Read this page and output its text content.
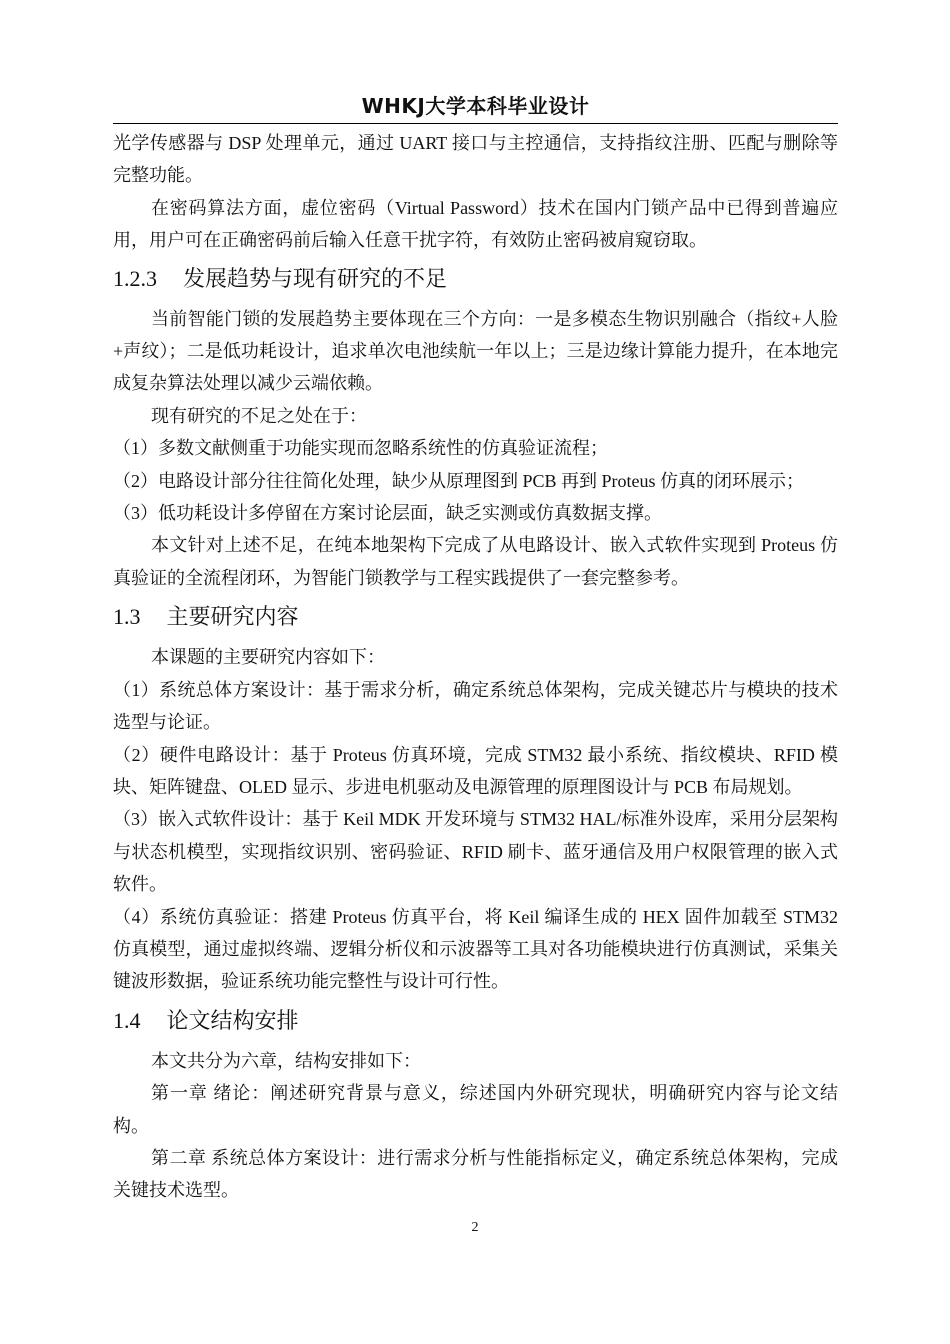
WHKJ大学本科毕业设计

光学传感器与 DSP 处理单元，通过 UART 接口与主控通信，支持指纹注册、匹配与删除等完整功能。

在密码算法方面，虚位密码（Virtual Password）技术在国内门锁产品中已得到普遍应用，用户可在正确密码前后输入任意干扰字符，有效防止密码被肩窥窃取。

1.2.3 发展趋势与现有研究的不足

当前智能门锁的发展趋势主要体现在三个方向：一是多模态生物识别融合（指纹+人脸+声纹）；二是低功耗设计，追求单次电池续航一年以上；三是边缘计算能力提升，在本地完成复杂算法处理以减少云端依赖。

现有研究的不足之处在于：

（1）多数文献侧重于功能实现而忽略系统性的仿真验证流程；

（2）电路设计部分往往简化处理，缺少从原理图到 PCB 再到 Proteus 仿真的闭环展示；

（3）低功耗设计多停留在方案讨论层面，缺乏实测或仿真数据支撑。

本文针对上述不足，在纯本地架构下完成了从电路设计、嵌入式软件实现到 Proteus 仿真验证的全流程闭环，为智能门锁教学与工程实践提供了一套完整参考。

1.3 主要研究内容

本课题的主要研究内容如下：

（1）系统总体方案设计：基于需求分析，确定系统总体架构，完成关键芯片与模块的技术选型与论证。

（2）硬件电路设计：基于 Proteus 仿真环境，完成 STM32 最小系统、指纹模块、RFID 模块、矩阵键盘、OLED 显示、步进电机驱动及电源管理的原理图设计与 PCB 布局规划。

（3）嵌入式软件设计：基于 Keil MDK 开发环境与 STM32 HAL/标准外设库，采用分层架构与状态机模型，实现指纹识别、密码验证、RFID 刷卡、蓝牙通信及用户权限管理的嵌入式软件。

（4）系统仿真验证：搭建 Proteus 仿真平台，将 Keil 编译生成的 HEX 固件加载至 STM32 仿真模型，通过虚拟终端、逻辑分析仪和示波器等工具对各功能模块进行仿真测试，采集关键波形数据，验证系统功能完整性与设计可行性。

1.4 论文结构安排

本文共分为六章，结构安排如下：

第一章 绪论：阐述研究背景与意义，综述国内外研究现状，明确研究内容与论文结构。

第二章 系统总体方案设计：进行需求分析与性能指标定义，确定系统总体架构，完成关键技术选型。

2
